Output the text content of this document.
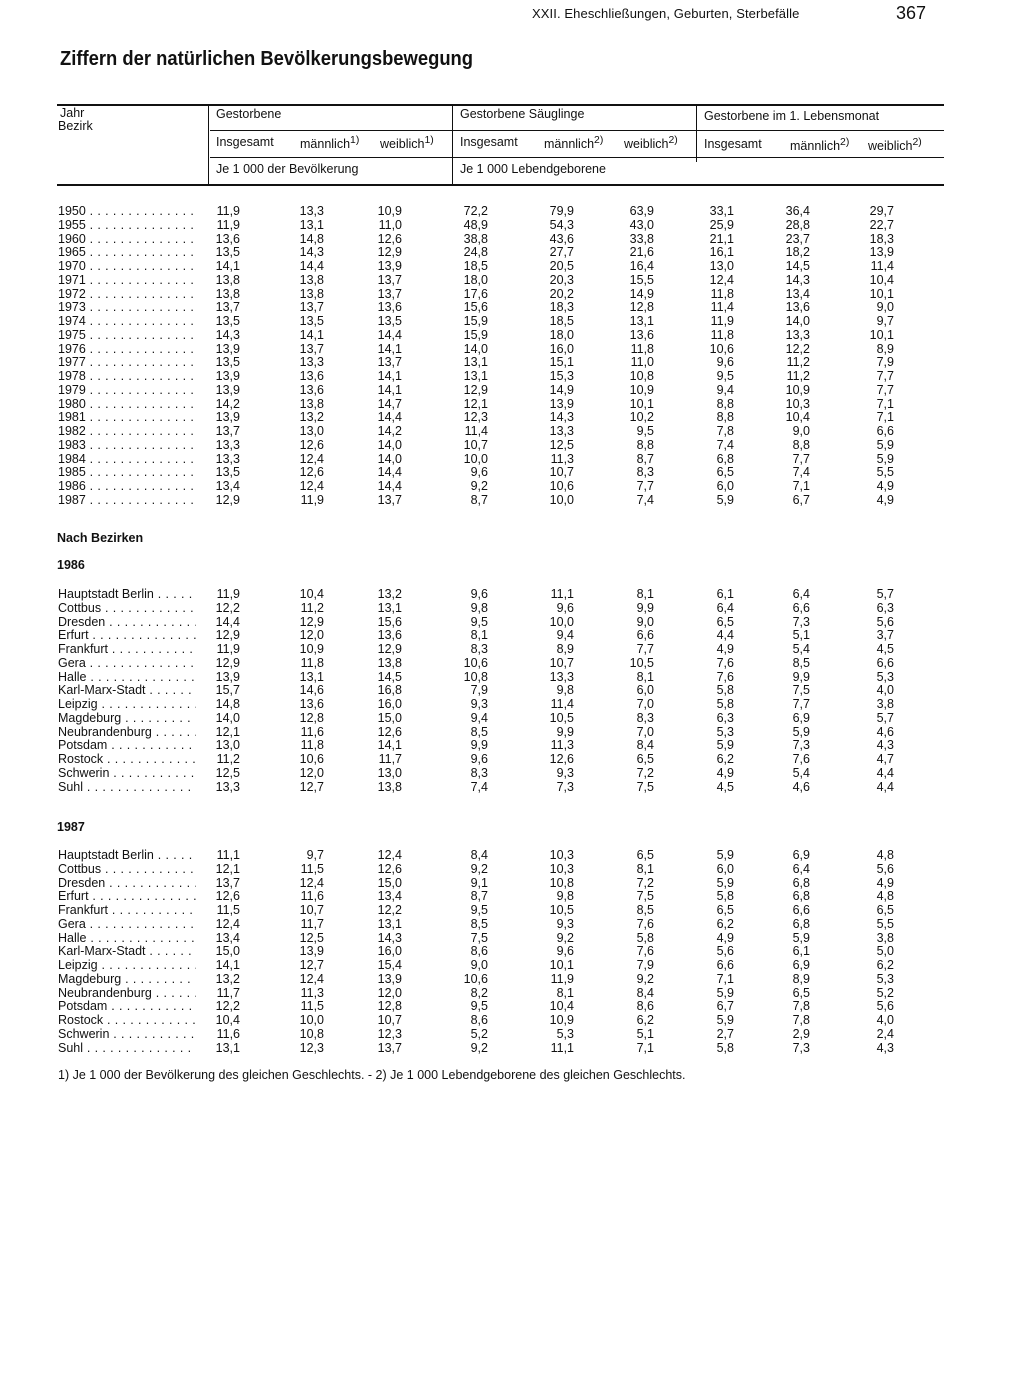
XXII. Eheschließungen, Geburten, Sterbefälle	367
Ziffern der natürlichen Bevölkerungsbewegung
Jahr
Bezirk
Gestorbene	Gestorbene Säuglinge	Gestorbene im 1. Lebensmonat
Insgesamt männlich$^{1)}$ weiblich$^{1)}$ Insgesamt männlich$^{2)}$ weiblich$^{2)}$ Insgesamt männlich$^{2)}$ weiblich$^{2)}$
Je 1 000 der Bevölkerung	Je 1 000 Lebendgeborene
1950 . . .	11,9	13,3	10,9	72,2	79,9	63,9	33,1	36,4	29,7
1955 . . .	11,9	13,1	11,0	48,9	54,3	43,0	25,9	28,8	22,7
1960 . . .	13,6	14,8	12,6	38,8	43,6	33,8	21,1	23,7	18,3
1965 . . .	13,5	14,3	12,9	24,8	27,7	21,6	16,1	18,2	13,9
1970 . . .	14,1	14,4	13,9	18,5	20,5	16,4	13,0	14,5	11,4
1971 . . .	13,8	13,8	13,7	18,0	20,3	15,5	12,4	14,3	10,4
1972 . . .	13,8	13,8	13,7	17,6	20,2	14,9	11,8	13,4	10,1
1973 . . .	13,7	13,7	13,6	15,6	18,3	12,8	11,4	13,6	9,0
1974 . . .	13,5	13,5	13,5	15,9	18,5	13,1	11,9	14,0	9,7
1975 . . .	14,3	14,1	14,4	15,9	18,0	13,6	11,8	13,3	10,1
1976 . . .	13,9	13,7	14,1	14,0	16,0	11,8	10,6	12,2	8,9
1977 . . .	13,5	13,3	13,7	13,1	15,1	11,0	9,6	11,2	7,9
1978 . . .	13,9	13,6	14,1	13,1	15,3	10,8	9,5	11,2	7,7
1979 . . .	13,9	13,6	14,1	12,9	14,9	10,9	9,4	10,9	7,7
1980 . . .	14,2	13,8	14,7	12,1	13,9	10,1	8,8	10,3	7,1
1981 . . .	13,9	13,2	14,4	12,3	14,3	10,2	8,8	10,4	7,1
1982 . . .	13,7	13,0	14,2	11,4	13,3	9,5	7,8	9,0	6,6
1983 . . .	13,3	12,6	14,0	10,7	12,5	8,8	7,4	8,8	5,9
1984 . . .	13,3	12,4	14,0	10,0	11,3	8,7	6,8	7,7	5,9
1985 . . .	13,5	12,6	14,4	9,6	10,7	8,3	6,5	7,4	5,5
1986 . . .	13,4	12,4	14,4	9,2	10,6	7,7	6,0	7,1	4,9
1987 . . .	12,9	11,9	13,7	8,7	10,0	7,4	5,9	6,7	4,9
Nach Bezirken
1986
Hauptstadt Berlin . . .	11,9	10,4	13,2	9,6	11,1	8,1	6,1	6,4	5,7
Cottbus . . .	12,2	11,2	13,1	9,8	9,6	9,9	6,4	6,6	6,3
Dresden . . .	14,4	12,9	15,6	9,5	10,0	9,0	6,5	7,3	5,6
Erfurt . . .	12,9	12,0	13,6	8,1	9,4	6,6	4,4	5,1	3,7
Frankfurt . . .	11,9	10,9	12,9	8,3	8,9	7,7	4,9	5,4	4,5
Gera . . .	12,9	11,8	13,8	10,6	10,7	10,5	7,6	8,5	6,6
Halle . . .	13,9	13,1	14,5	10,8	13,3	8,1	7,6	9,9	5,3
Karl-Marx-Stadt . . .	15,7	14,6	16,8	7,9	9,8	6,0	5,8	7,5	4,0
Leipzig . . .	14,8	13,6	16,0	9,3	11,4	7,0	5,8	7,7	3,8
Magdeburg . . .	14,0	12,8	15,0	9,4	10,5	8,3	6,3	6,9	5,7
Neubrandenburg . . .	12,1	11,6	12,6	8,5	9,9	7,0	5,3	5,9	4,6
Potsdam . . .	13,0	11,8	14,1	9,9	11,3	8,4	5,9	7,3	4,3
Rostock . . .	11,2	10,6	11,7	9,6	12,6	6,5	6,2	7,6	4,7
Schwerin . . .	12,5	12,0	13,0	8,3	9,3	7,2	4,9	5,4	4,4
Suhl . . .	13,3	12,7	13,8	7,4	7,3	7,5	4,5	4,6	4,4
1987
Hauptstadt Berlin . . .	11,1	9,7	12,4	8,4	10,3	6,5	5,9	6,9	4,8
Cottbus . . .	12,1	11,5	12,6	9,2	10,3	8,1	6,0	6,4	5,6
Dresden . . .	13,7	12,4	15,0	9,1	10,8	7,2	5,9	6,8	4,9
Erfurt . . .	12,6	11,6	13,4	8,7	9,8	7,5	5,8	6,8	4,8
Frankfurt . . .	11,5	10,7	12,2	9,5	10,5	8,5	6,5	6,6	6,5
Gera . . .	12,4	11,7	13,1	8,5	9,3	7,6	6,2	6,8	5,5
Halle . . .	13,4	12,5	14,3	7,5	9,2	5,8	4,9	5,9	3,8
Karl-Marx-Stadt . . .	15,0	13,9	16,0	8,6	9,6	7,6	5,6	6,1	5,0
Leipzig . . .	14,1	12,7	15,4	9,0	10,1	7,9	6,6	6,9	6,2
Magdeburg . . .	13,2	12,4	13,9	10,6	11,9	9,2	7,1	8,9	5,3
Neubrandenburg . . .	11,7	11,3	12,0	8,2	8,1	8,4	5,9	6,5	5,2
Potsdam . . .	12,2	11,5	12,8	9,5	10,4	8,6	6,7	7,8	5,6
Rostock . . .	10,4	10,0	10,7	8,6	10,9	6,2	5,9	7,8	4,0
Schwerin . . .	11,6	10,8	12,3	5,2	5,3	5,1	2,7	2,9	2,4
Suhl . . .	13,1	12,3	13,7	9,2	11,1	7,1	5,8	7,3	4,3
1) Je 1 000 der Bevölkerung des gleichen Geschlechts. - 2) Je 1 000 Lebendgeborene des gleichen Geschlechts.
